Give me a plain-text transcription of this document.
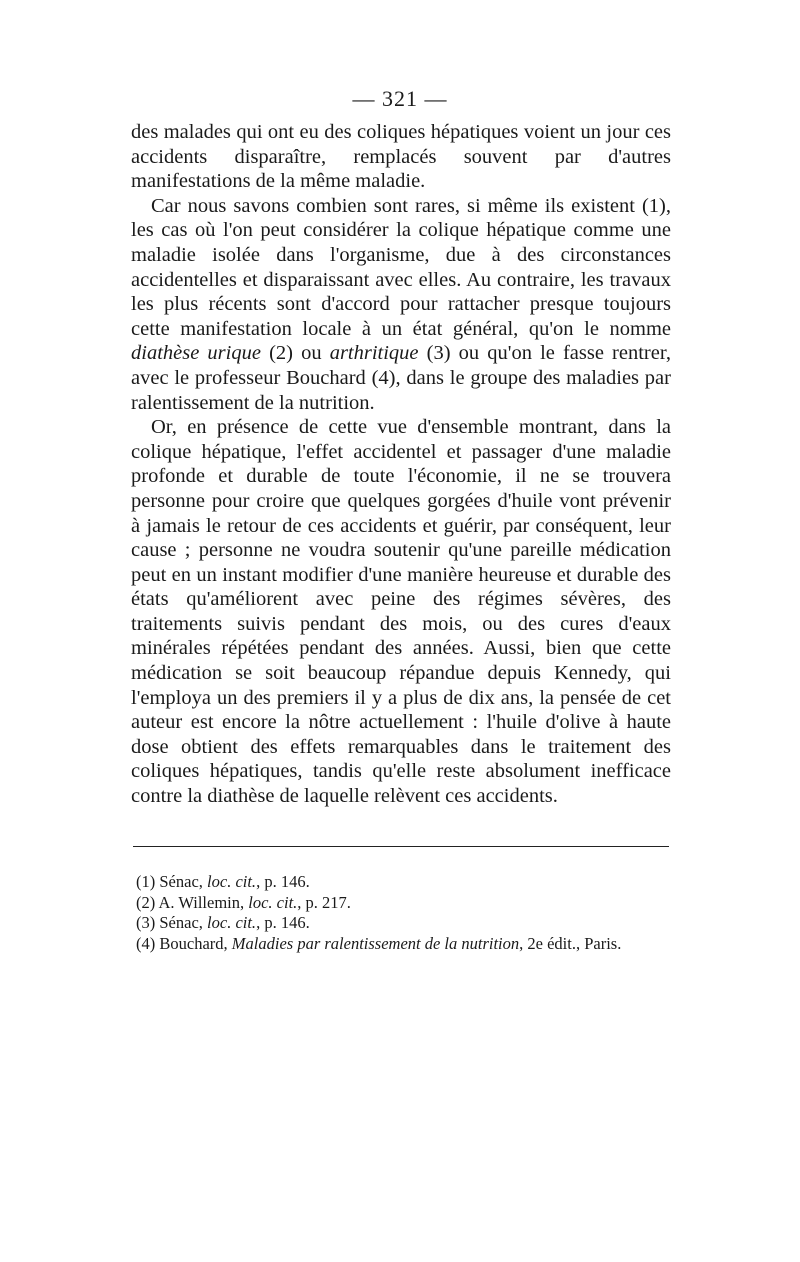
— 321 —

des malades qui ont eu des coliques hépatiques voient un jour ces accidents disparaître, remplacés souvent par d'autres manifestations de la même maladie.

Car nous savons combien sont rares, si même ils existent (1), les cas où l'on peut considérer la colique hépatique comme une maladie isolée dans l'organisme, due à des circonstances accidentelles et disparaissant avec elles. Au contraire, les travaux les plus récents sont d'accord pour rattacher presque toujours cette manifestation locale à un état général, qu'on le nomme diathèse urique (2) ou arthritique (3) ou qu'on le fasse rentrer, avec le professeur Bouchard (4), dans le groupe des maladies par ralentissement de la nutrition.

Or, en présence de cette vue d'ensemble montrant, dans la colique hépatique, l'effet accidentel et passager d'une maladie profonde et durable de toute l'économie, il ne se trouvera personne pour croire que quelques gorgées d'huile vont prévenir à jamais le retour de ces accidents et guérir, par conséquent, leur cause ; personne ne voudra soutenir qu'une pareille médication peut en un instant modifier d'une manière heureuse et durable des états qu'améliorent avec peine des régimes sévères, des traitements suivis pendant des mois, ou des cures d'eaux minérales répétées pendant des années. Aussi, bien que cette médication se soit beaucoup répandue depuis Kennedy, qui l'employa un des premiers il y a plus de dix ans, la pensée de cet auteur est encore la nôtre actuellement : l'huile d'olive à haute dose obtient des effets remarquables dans le traitement des coliques hépatiques, tandis qu'elle reste absolument inefficace contre la diathèse de laquelle relèvent ces accidents.

(1) Sénac, loc. cit., p. 146.

(2) A. Willemin, loc. cit., p. 217.

(3) Sénac, loc. cit., p. 146.

(4) Bouchard, Maladies par ralentissement de la nutrition, 2e édit., Paris.
